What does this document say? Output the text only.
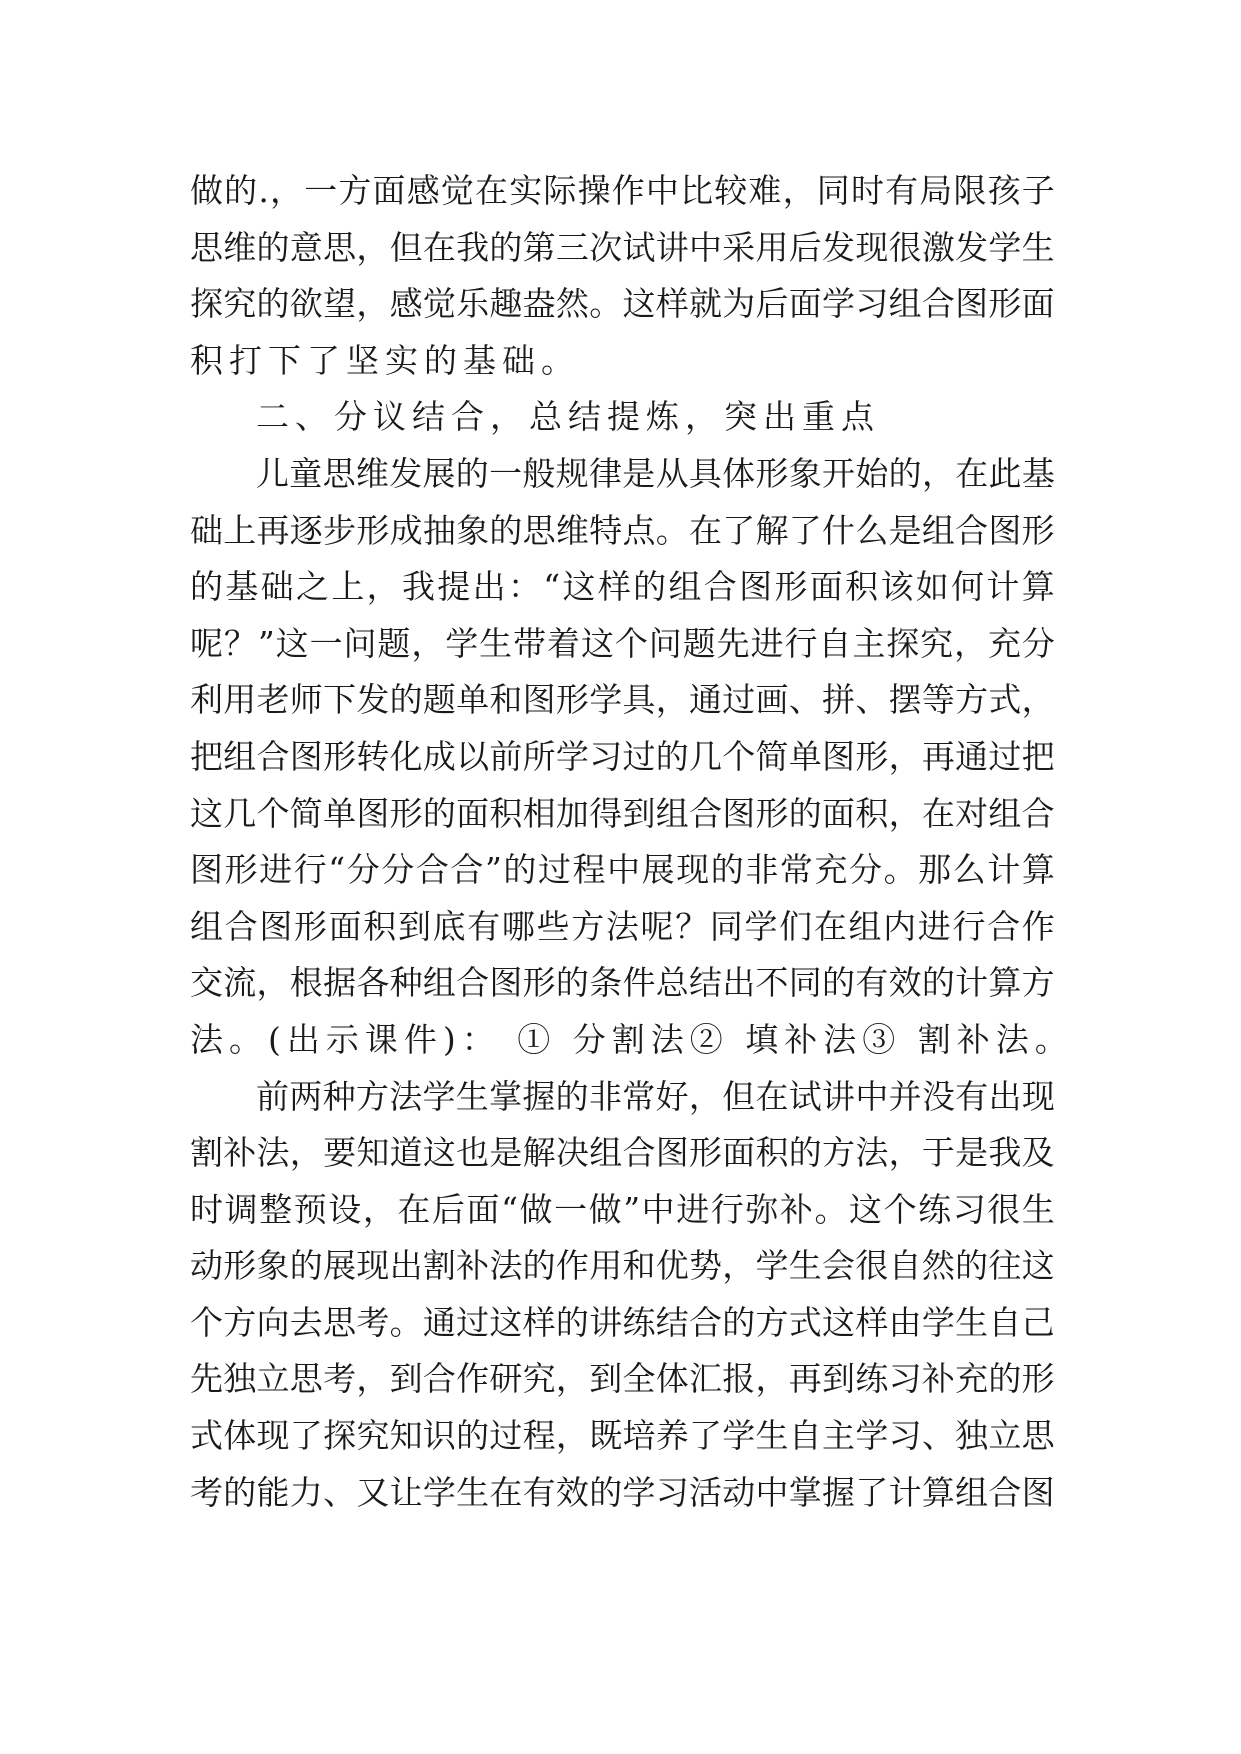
做 的 . ， 一 方 面 感 觉 在 实 际 操 作 中 比 较 难 ， 同 时 有 局 限 孩 子
思 维 的 意 思 ， 但 在 我 的 第 三 次 试 讲 中 采 用 后 发 现 很 激 发 学 生
探 究 的 欲 望 ， 感 觉 乐 趣 盎 然 。 这 样 就 为 后 面 学 习 组 合 图 形 面
积打下了坚实的基础。
二、分议结合，总结提炼，突出重点
儿 童 思 维 发 展 的 一 般 规 律 是 从 具 体 形 象 开 始 的 ， 在 此 基
础 上 再 逐 步 形 成 抽 象 的 思 维 特 点 。 在 了 解 了 什 么 是 组 合 图 形
的 基 础 之 上 ， 我 提 出 ： “ 这 样 的 组 合 图 形 面 积 该 如 何 计 算
呢 ？ ” 这 一 问 题 ， 学 生 带 着 这 个 问 题 先 进 行 自 主 探 究 ， 充 分
利 用 老 师 下 发 的 题 单 和 图 形 学 具 ， 通 过 画 、 拼 、 摆 等 方 式 ，
把 组 合 图 形 转 化 成 以 前 所 学 习 过 的 几 个 简 单 图 形 ， 再 通 过 把
这 几 个 简 单 图 形 的 面 积 相 加 得 到 组 合 图 形 的 面 积 ， 在 对 组 合
图 形 进 行 “ 分 分 合 合 ” 的 过 程 中 展 现 的 非 常 充 分 。 那 么 计 算
组 合 图 形 面 积 到 底 有 哪 些 方 法 呢 ？ 同 学 们 在 组 内 进 行 合 作
交 流 ， 根 据 各 种 组 合 图 形 的 条 件 总 结 出 不 同 的 有 效 的 计 算 方
法。(出示课件)： ① 分割法② 填补法③ 割补法。
前 两 种 方 法 学 生 掌 握 的 非 常 好 ， 但 在 试 讲 中 并 没 有 出 现
割 补 法 ， 要 知 道 这 也 是 解 决 组 合 图 形 面 积 的 方 法 ， 于 是 我 及
时 调 整 预 设 ， 在 后 面 “ 做 一 做 ” 中 进 行 弥 补 。 这 个 练 习 很 生
动 形 象 的 展 现 出 割 补 法 的 作 用 和 优 势 ， 学 生 会 很 自 然 的 往 这
个 方 向 去 思 考 。 通 过 这 样 的 讲 练 结 合 的 方 式 这 样 由 学 生 自 己
先 独 立 思 考 ， 到 合 作 研 究 ， 到 全 体 汇 报 ， 再 到 练 习 补 充 的 形
式 体 现 了 探 究 知 识 的 过 程 ， 既 培 养 了 学 生 自 主 学 习 、 独 立 思
考 的 能 力 、 又 让 学 生 在 有 效 的 学 习 活 动 中 掌 握 了 计 算 组 合 图
